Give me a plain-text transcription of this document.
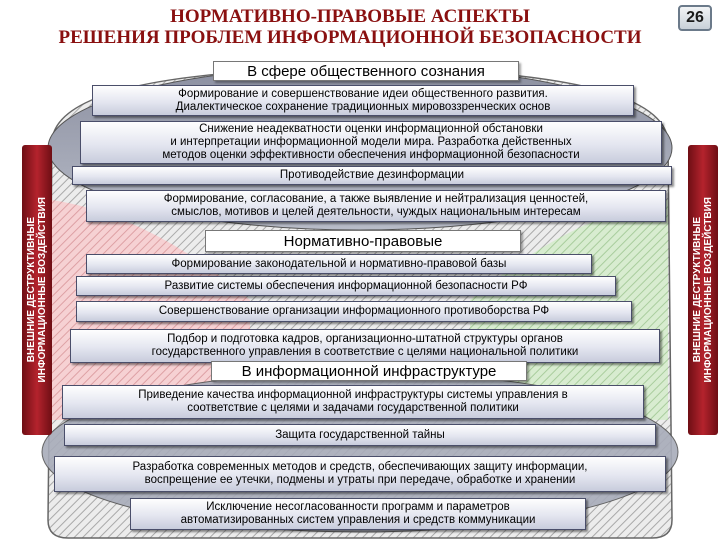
НОРМАТИВНО-ПРАВОВЫЕ АСПЕКТЫ
РЕШЕНИЯ ПРОБЛЕМ ИНФОРМАЦИОННОЙ БЕЗОПАСНОСТИ
26
ВНЕШНИЕ ДЕСТРУКТИВНЫЕ ИНФОРМАЦИОННЫЕ ВОЗДЕЙСТВИЯ	ВНЕШНИЕ ДЕСТРУКТИВНЫЕ ИНФОРМАЦИОННЫЕ ВОЗДЕЙСТВИЯ
В сфере общественного сознания
Формирование и совершенствование идеи общественного развития.
Диалектическое сохранение традиционных мировоззренческих основ
Снижение неадекватности оценки информационной обстановки
и интерпретации информационной модели мира. Разработка действенных
методов оценки эффективности обеспечения информационной безопасности
Противодействие дезинформации
Формирование, согласование, а также выявление и нейтрализация ценностей,
смыслов, мотивов и целей деятельности, чуждых национальным интересам
Нормативно-правовые
Формирование законодательной и нормативно-правовой базы
Развитие системы обеспечения информационной безопасности РФ
Совершенствование организации информационного противоборства РФ
Подбор и подготовка кадров, организационно-штатной структуры органов
государственного управления в соответствие с целями национальной политики
В информационной инфраструктуре
Приведение качества информационной инфраструктуры системы управления в
соответствие с целями и задачами государственной политики
Защита государственной тайны
Разработка современных методов и средств, обеспечивающих защиту информации,
воспрещение ее утечки, подмены и утраты при передаче, обработке и хранении
Исключение несогласованности программ и параметров
автоматизированных систем управления и средств коммуникации
